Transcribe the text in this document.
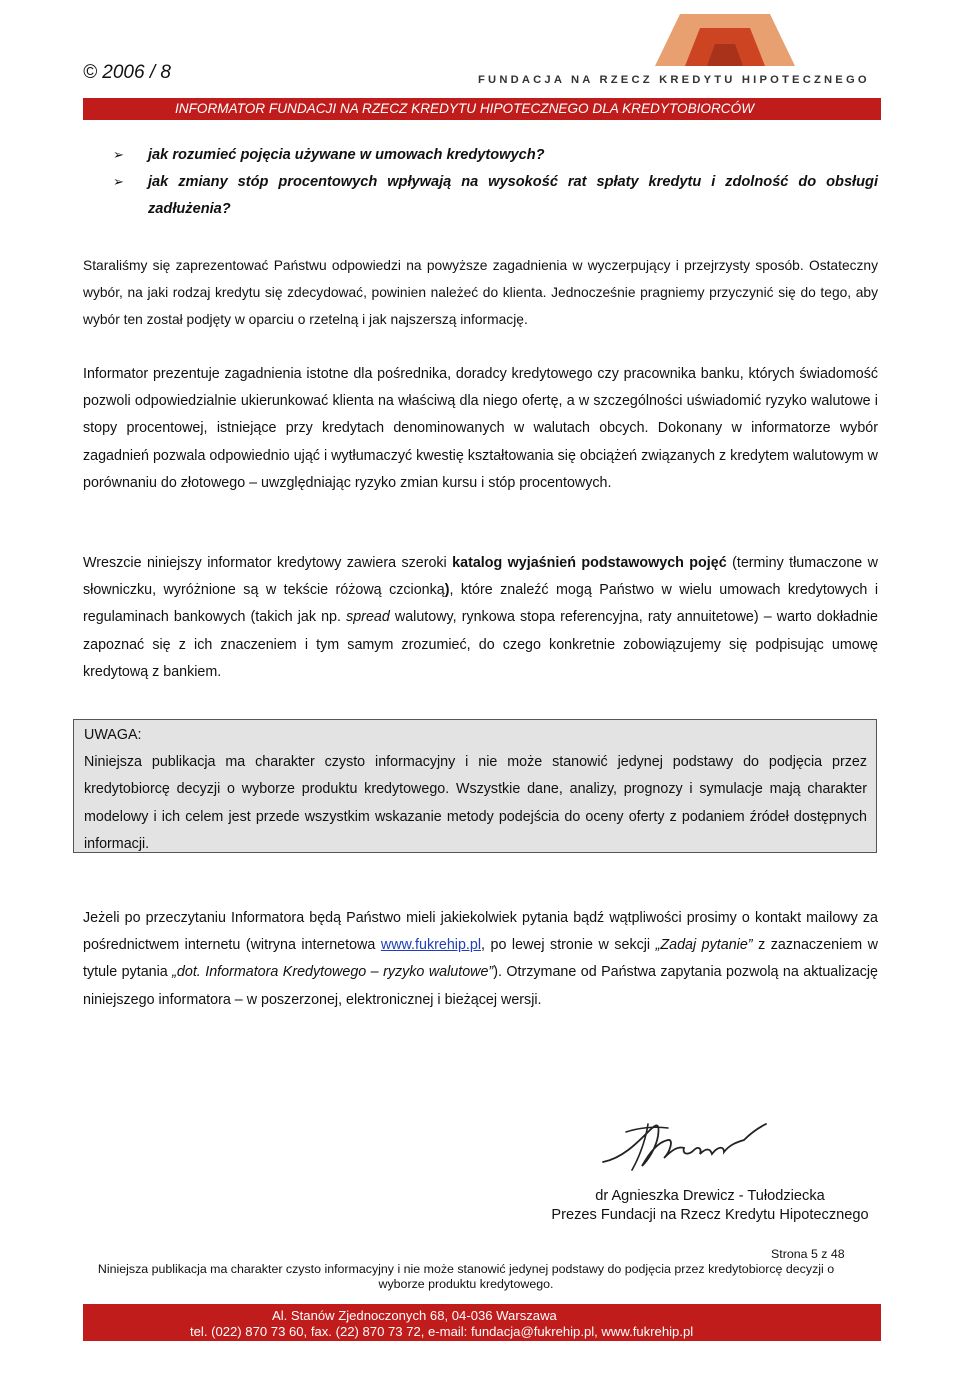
© 2006 / 8	FUNDACJA NA RZECZ KREDYTU HIPOTECZNEGO
INFORMATOR FUNDACJI NA RZECZ KREDYTU HIPOTECZNEGO DLA KREDYTOBIORCÓW
➢ jak rozumieć pojęcia używane w umowach kredytowych?
➢ jak zmiany stóp procentowych wpływają na wysokość rat spłaty kredytu i zdolność do obsługi zadłużenia?

Staraliśmy się zaprezentować Państwu odpowiedzi na powyższe zagadnienia w wyczerpujący i przejrzysty sposób. Ostateczny wybór, na jaki rodzaj kredytu się zdecydować, powinien należeć do klienta. Jednocześnie pragniemy przyczynić się do tego, aby wybór ten został podjęty w oparciu o rzetelną i jak najszerszą informację.

Informator prezentuje zagadnienia istotne dla pośrednika, doradcy kredytowego czy pracownika banku, których świadomość pozwoli odpowiedzialnie ukierunkować klienta na właściwą dla niego ofertę, a w szczególności uświadomić ryzyko walutowe i stopy procentowej, istniejące przy kredytach denominowanych w walutach obcych. Dokonany w informatorze wybór zagadnień pozwala odpowiednio ująć i wytłumaczyć kwestię kształtowania się obciążeń związanych z kredytem walutowym w porównaniu do złotowego – uwzględniając ryzyko zmian kursu i stóp procentowych.

Wreszcie niniejszy informator kredytowy zawiera szeroki katalog wyjaśnień podstawowych pojęć (terminy tłumaczone w słowniczku, wyróżnione są w tekście różową czcionką), które znaleźć mogą Państwo w wielu umowach kredytowych i regulaminach bankowych (takich jak np. spread walutowy, rynkowa stopa referencyjna, raty annuitetowe) – warto dokładnie zapoznać się z ich znaczeniem i tym samym zrozumieć, do czego konkretnie zobowiązujemy się podpisując umowę kredytową z bankiem.

UWAGA:

Niniejsza publikacja ma charakter czysto informacyjny i nie może stanowić jedynej podstawy do podjęcia przez kredytobiorcę decyzji o wyborze produktu kredytowego. Wszystkie dane, analizy, prognozy i symulacje mają charakter modelowy i ich celem jest przede wszystkim wskazanie metody podejścia do oceny oferty z podaniem źródeł dostępnych informacji.

Jeżeli po przeczytaniu Informatora będą Państwo mieli jakiekolwiek pytania bądź wątpliwości prosimy o kontakt mailowy za pośrednictwem internetu (witryna internetowa www.fukrehip.pl, po lewej stronie w sekcji „Zadaj pytanie” z zaznaczeniem w tytule pytania „dot. Informatora Kredytowego – ryzyko walutowe”). Otrzymane od Państwa zapytania pozwolą na aktualizację niniejszego informatora – w poszerzonej, elektronicznej i bieżącej wersji.

dr Agnieszka Drewicz - Tułodziecka
Prezes Fundacji na Rzecz Kredytu Hipotecznego
Strona 5 z 48
Niniejsza publikacja ma charakter czysto informacyjny i nie może stanowić jedynej podstawy do podjęcia przez kredytobiorcę decyzji o
wyborze produktu kredytowego.
Al. Stanów Zjednoczonych 68, 04-036 Warszawa
tel. (022) 870 73 60, fax. (22) 870 73 72, e-mail: fundacja@fukrehip.pl, www.fukrehip.pl
